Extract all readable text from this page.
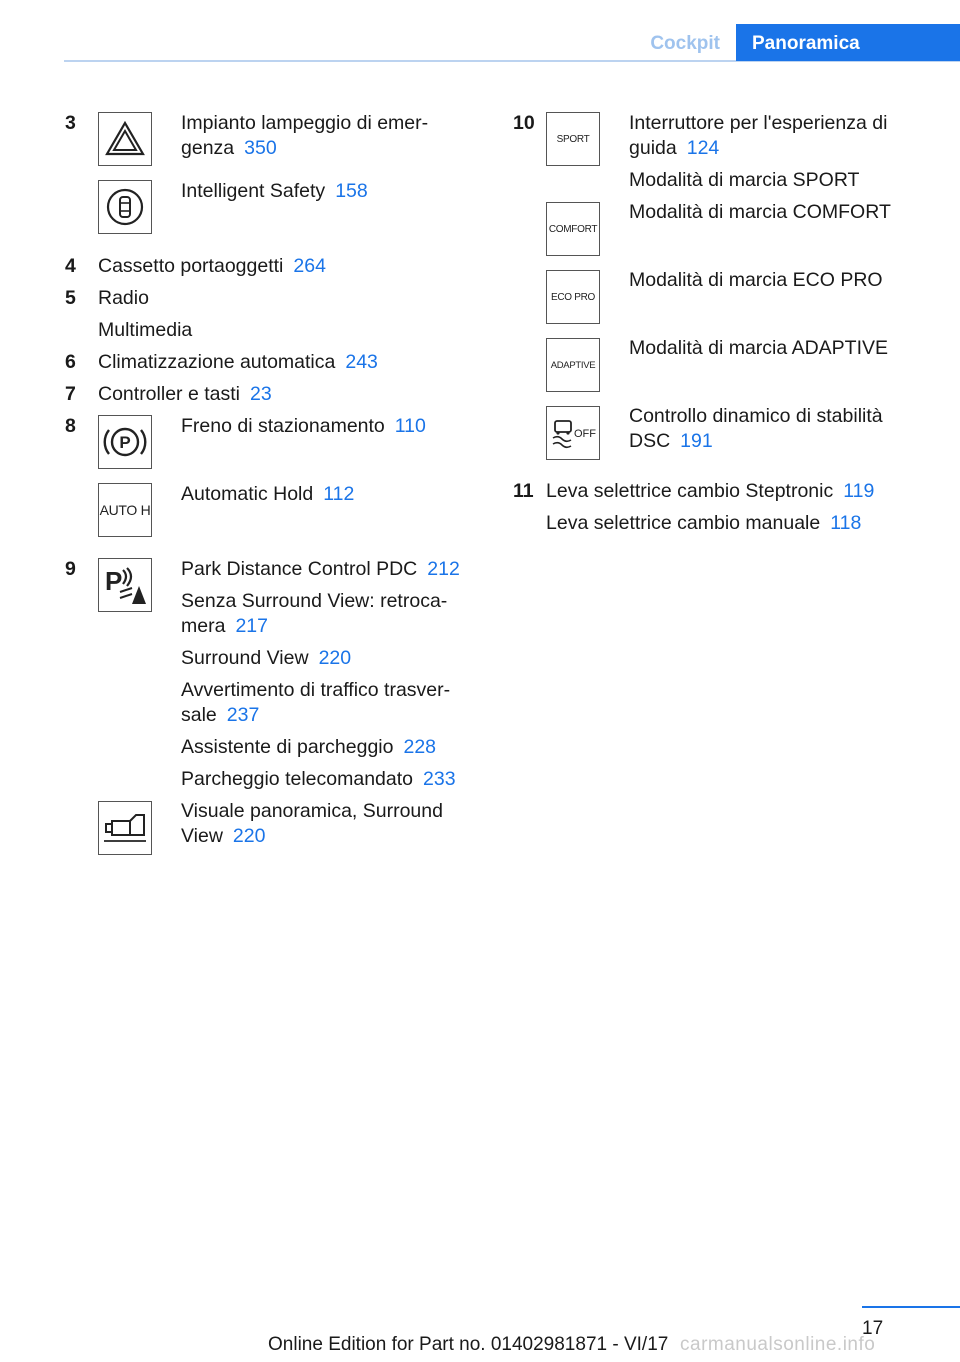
Cockpit Panoramica
3	Impianto lampeggio di emer-
genza 350
Intelligent Safety 158
4 Cassetto portaoggetti 264
5 Radio
Multimedia
6 Climatizzazione automatica 243
7 Controller e tasti 23
8
P
Freno di stazionamento 110
AUTO H
Automatic Hold 112
9 P	Park Distance Control PDC 212
Senza Surround View: retroca-
mera 217
Surround View 220
Avvertimento di traffico trasver-
sale 237
Assistente di parcheggio 228
Parcheggio telecomandato 233
Visuale panoramica, Surround
View 220
10
SPORT
Interruttore per l'esperienza di
guida 124
Modalità di marcia SPORT
COMFORT
Modalità di marcia COMFORT
ECO PRO
Modalità di marcia ECO PRO
ADAPTIVE
Modalità di marcia ADAPTIVE
OFF
Controllo dinamico di stabilità
DSC 191
11 Leva selettrice cambio Steptronic 119
Leva selettrice cambio manuale 118
17
Online Edition for Part no. 01402981871 - VI/17 carmanualsonline.info
